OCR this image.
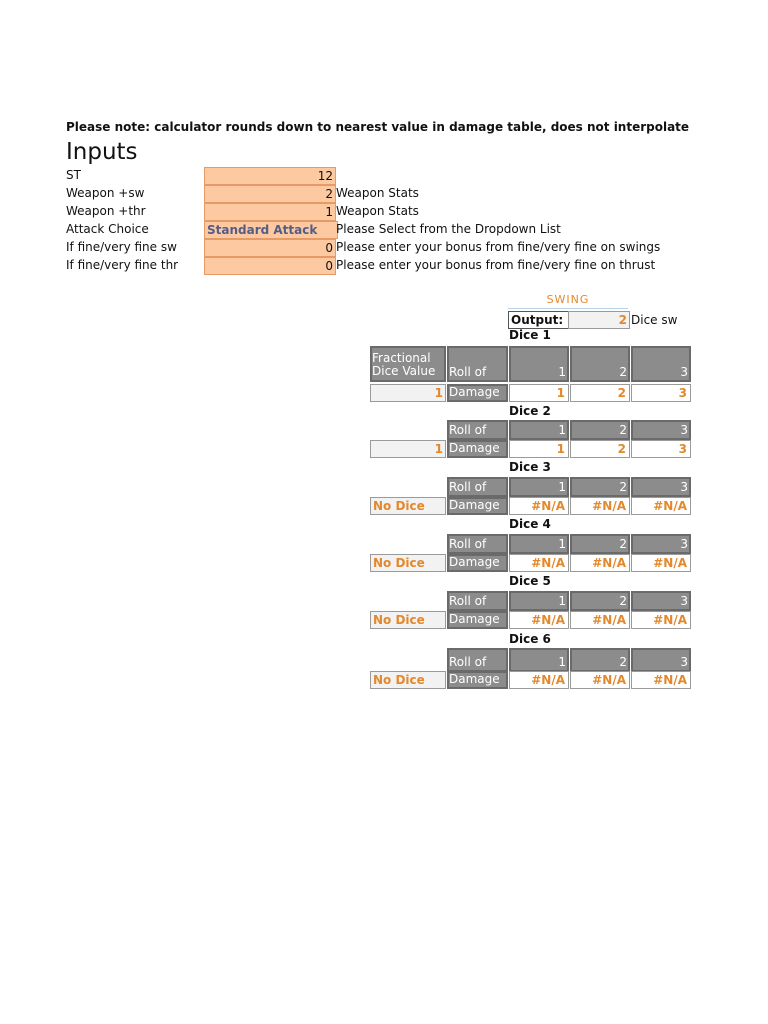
Please note: calculator rounds down to nearest value in damage table, does not interpolate
Inputs
ST	12
Weapon +sw	2 Weapon Stats
Weapon +thr	1 Weapon Stats
Attack Choice	Standard Attack	Please Select from the Dropdown List
If fine/very fine sw	0 Please enter your bonus from fine/very fine on swings
If fine/very fine thr	0 Please enter your bonus from fine/very fine on thrust
SWING
Output:	2 Dice sw
Dice 1
Fractional Dice Value	Roll of	1	2	3
1 Damage	1	2	3
Dice 2
Roll of	1	2	3
1 Damage	1	2	3
Dice 3
Roll of	1	2	3
No Dice	Damage	#N/A	#N/A	#N/A
Dice 4
Roll of	1	2	3
No Dice	Damage	#N/A	#N/A	#N/A
Dice 5
Roll of	1	2	3
No Dice	Damage	#N/A	#N/A	#N/A
Dice 6
Roll of	1	2	3
No Dice	Damage	#N/A	#N/A	#N/A
